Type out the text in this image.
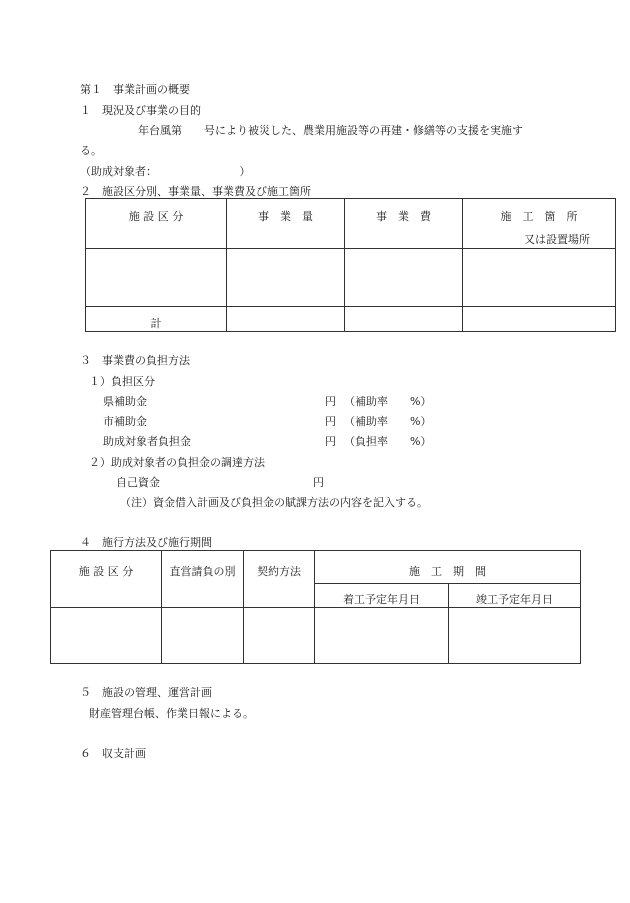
第１　事業計画の概要
１　現況及び事業の目的
年台風第　　号により被災した、農業用施設等の再建・修繕等の支援を実施す
る。
（助成対象者：　　　　　　　　）
２　施設区分別、事業量、事業費及び施工箇所
施 設 区 分	事　業　量	事　業　費	施　工　箇　所
又は設置場所

計			

３　事業費の負担方法
１）負担区分
県補助金	円 （補助率　　%）
市補助金	円 （補助率　　%）
助成対象者負担金	円 （負担率　　%）
２）助成対象者の負担金の調達方法
自己資金	円
（注）資金借入計画及び負担金の賦課方法の内容を記入する。
４　施行方法及び施行期間
施 設 区 分	直営請負の別	契約方法	施　工　期　間	

			着工予定年月日	竣工予定年月日

５　施設の管理、運営計画
財産管理台帳、作業日報による。
６　収支計画
